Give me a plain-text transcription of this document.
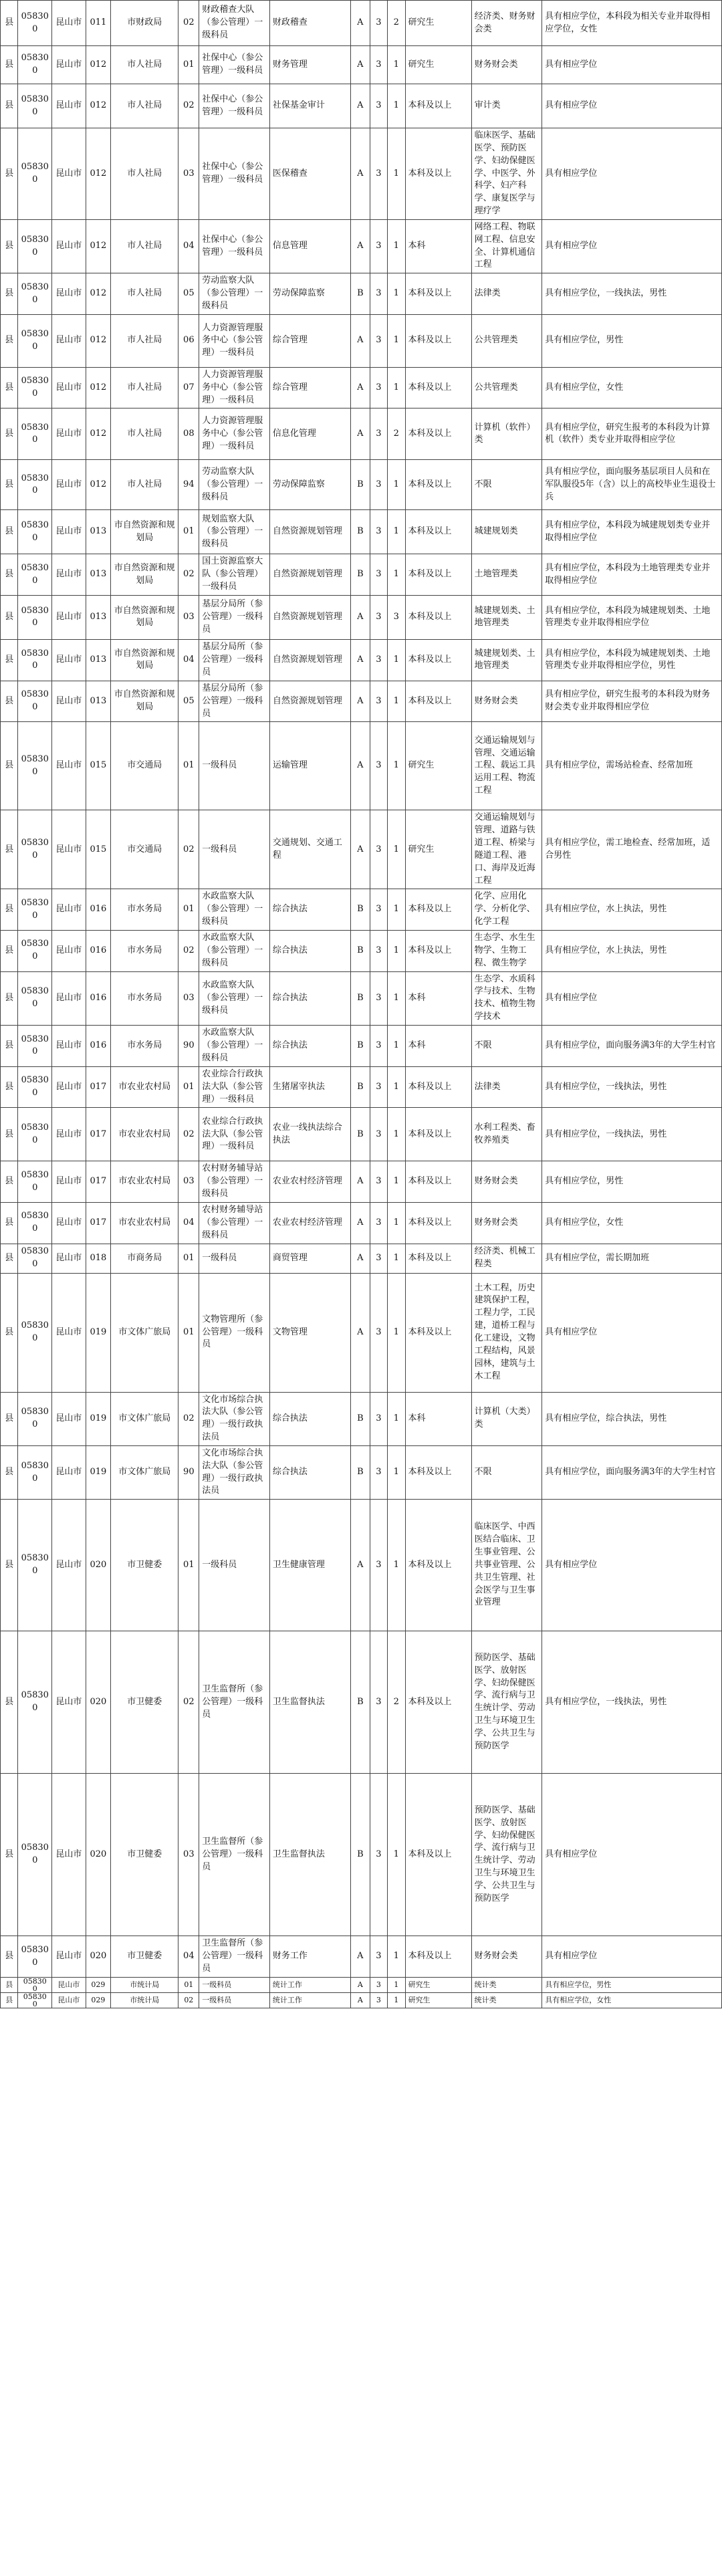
县	058300	昆山市	011	市财政局	02	财政稽查大队（参公管理）一级科员	财政稽查	A	3	2	研究生	经济类、财务财会类	具有相应学位，本科段为相关专业并取得相应学位，女性
县	058300	昆山市	012	市人社局	01	社保中心（参公管理）一级科员	财务管理	A	3	1	研究生	财务财会类	具有相应学位
县	058300	昆山市	012	市人社局	02	社保中心（参公管理）一级科员	社保基金审计	A	3	1	本科及以上	审计类	具有相应学位
县	058300	昆山市	012	市人社局	03	社保中心（参公管理）一级科员	医保稽查	A	3	1	本科及以上	临床医学、基础医学、预防医学、妇幼保健医学、中医学、外科学、妇产科学、康复医学与理疗学	具有相应学位
县	058300	昆山市	012	市人社局	04	社保中心（参公管理）一级科员	信息管理	A	3	1	本科	网络工程、物联网工程、信息安全、计算机通信工程	具有相应学位
县	058300	昆山市	012	市人社局	05	劳动监察大队（参公管理）一级科员	劳动保障监察	B	3	1	本科及以上	法律类	具有相应学位，一线执法，男性
县	058300	昆山市	012	市人社局	06	人力资源管理服务中心（参公管理）一级科员	综合管理	A	3	1	本科及以上	公共管理类	具有相应学位，男性
县	058300	昆山市	012	市人社局	07	人力资源管理服务中心（参公管理）一级科员	综合管理	A	3	1	本科及以上	公共管理类	具有相应学位，女性
县	058300	昆山市	012	市人社局	08	人力资源管理服务中心（参公管理）一级科员	信息化管理	A	3	2	本科及以上	计算机（软件）类	具有相应学位，研究生报考的本科段为计算机（软件）类专业并取得相应学位
县	058300	昆山市	012	市人社局	94	劳动监察大队（参公管理）一级科员	劳动保障监察	B	3	1	本科及以上	不限	具有相应学位，面向服务基层项目人员和在军队服役5年（含）以上的高校毕业生退役士兵
县	058300	昆山市	013	市自然资源和规划局	01	规划监察大队（参公管理）一级科员	自然资源规划管理	B	3	1	本科及以上	城建规划类	具有相应学位，本科段为城建规划类专业并取得相应学位
县	058300	昆山市	013	市自然资源和规划局	02	国土资源监察大队（参公管理）一级科员	自然资源规划管理	B	3	1	本科及以上	土地管理类	具有相应学位，本科段为土地管理类专业并取得相应学位
县	058300	昆山市	013	市自然资源和规划局	03	基层分局所（参公管理）一级科员	自然资源规划管理	A	3	3	本科及以上	城建规划类、土地管理类	具有相应学位，本科段为城建规划类、土地管理类专业并取得相应学位
县	058300	昆山市	013	市自然资源和规划局	04	基层分局所（参公管理）一级科员	自然资源规划管理	A	3	1	本科及以上	城建规划类、土地管理类	具有相应学位，本科段为城建规划类、土地管理类专业并取得相应学位，男性
县	058300	昆山市	013	市自然资源和规划局	05	基层分局所（参公管理）一级科员	自然资源规划管理	A	3	1	本科及以上	财务财会类	具有相应学位，研究生报考的本科段为财务财会类专业并取得相应学位
县	058300	昆山市	015	市交通局	01	一级科员	运输管理	A	3	1	研究生	交通运输规划与管理、交通运输工程、载运工具运用工程、物流工程	具有相应学位，需场站检查、经常加班
县	058300	昆山市	015	市交通局	02	一级科员	交通规划、交通工程	A	3	1	研究生	交通运输规划与管理、道路与铁道工程、桥梁与隧道工程、港口、海岸及近海工程	具有相应学位，需工地检查、经常加班，适合男性
县	058300	昆山市	016	市水务局	01	水政监察大队（参公管理）一级科员	综合执法	B	3	1	本科及以上	化学、应用化学、分析化学、化学工程	具有相应学位，水上执法，男性
县	058300	昆山市	016	市水务局	02	水政监察大队（参公管理）一级科员	综合执法	B	3	1	本科及以上	生态学、水生生物学、生物工程、微生物学	具有相应学位，水上执法，男性
县	058300	昆山市	016	市水务局	03	水政监察大队（参公管理）一级科员	综合执法	B	3	1	本科	生态学、水质科学与技术、生物技术、植物生物学技术	具有相应学位
县	058300	昆山市	016	市水务局	90	水政监察大队（参公管理）一级科员	综合执法	B	3	1	本科	不限	具有相应学位，面向服务满3年的大学生村官
县	058300	昆山市	017	市农业农村局	01	农业综合行政执法大队（参公管理）一级科员	生猪屠宰执法	B	3	1	本科及以上	法律类	具有相应学位，一线执法，男性
县	058300	昆山市	017	市农业农村局	02	农业综合行政执法大队（参公管理）一级科员	农业一线执法综合执法	B	3	1	本科及以上	水利工程类、畜牧养殖类	具有相应学位，一线执法，男性
县	058300	昆山市	017	市农业农村局	03	农村财务辅导站（参公管理）一级科员	农业农村经济管理	A	3	1	本科及以上	财务财会类	具有相应学位，男性
县	058300	昆山市	017	市农业农村局	04	农村财务辅导站（参公管理）一级科员	农业农村经济管理	A	3	1	本科及以上	财务财会类	具有相应学位，女性
县	058300	昆山市	018	市商务局	01	一级科员	商贸管理	A	3	1	本科及以上	经济类、机械工程类	具有相应学位，需长期加班
县	058300	昆山市	019	市文体广旅局	01	文物管理所（参公管理）一级科员	文物管理	A	3	1	本科及以上	土木工程，历史建筑保护工程，工程力学，工民建，道桥工程与化工建设，文物工程结构，风景园林，建筑与土木工程	具有相应学位
县	058300	昆山市	019	市文体广旅局	02	文化市场综合执法大队（参公管理）一级行政执法员	综合执法	B	3	1	本科	计算机（大类）类	具有相应学位，综合执法，男性
县	058300	昆山市	019	市文体广旅局	90	文化市场综合执法大队（参公管理）一级行政执法员	综合执法	B	3	1	本科及以上	不限	具有相应学位，面向服务满3年的大学生村官
县	058300	昆山市	020	市卫健委	01	一级科员	卫生健康管理	A	3	1	本科及以上	临床医学、中西医结合临床、卫生事业管理、公共事业管理、公共卫生管理、社会医学与卫生事业管理	具有相应学位
县	058300	昆山市	020	市卫健委	02	卫生监督所（参公管理）一级科员	卫生监督执法	B	3	2	本科及以上	预防医学、基础医学、放射医学、妇幼保健医学、流行病与卫生统计学、劳动卫生与环境卫生学、公共卫生与预防医学	具有相应学位，一线执法，男性
县	058300	昆山市	020	市卫健委	03	卫生监督所（参公管理）一级科员	卫生监督执法	B	3	1	本科及以上	预防医学、基础医学、放射医学、妇幼保健医学、流行病与卫生统计学、劳动卫生与环境卫生学、公共卫生与预防医学	具有相应学位
县	058300	昆山市	020	市卫健委	04	卫生监督所（参公管理）一级科员	财务工作	A	3	1	本科及以上	财务财会类	具有相应学位
县	058300	昆山市	029	市统计局	01	一级科员	统计工作	A	3	1	研究生	统计类	具有相应学位，男性
县	058300	昆山市	029	市统计局	02	一级科员	统计工作	A	3	1	研究生	统计类	具有相应学位，女性
